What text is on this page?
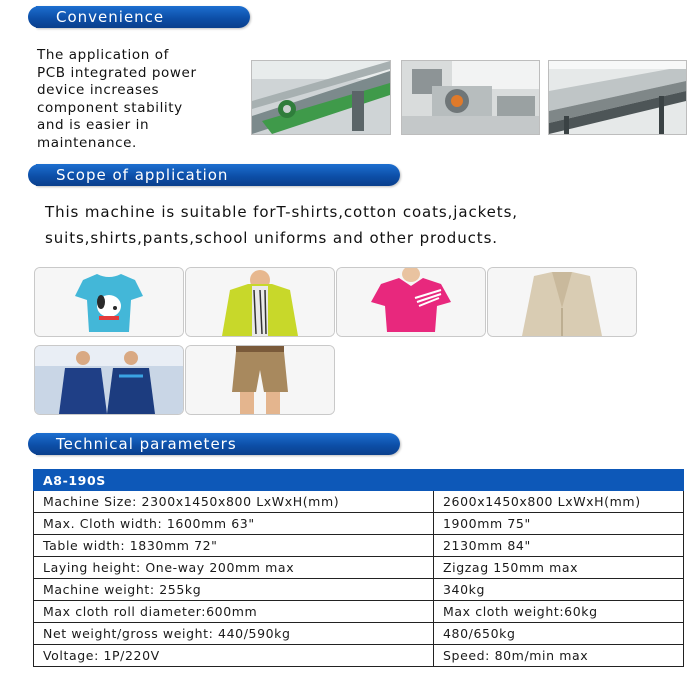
Convenience
The application of
PCB integrated power
device increases
component stability
and is easier in
maintenance.
Scope of application
This machine is suitable forT-shirts,cotton coats,jackets,
suits,shirts,pants,school uniforms and other products.
Technical parameters
A8-190S	
Machine Size: 2300x1450x800 LxWxH(mm)	2600x1450x800 LxWxH(mm)
Max. Cloth width: 1600mm 63"	1900mm 75"
Table width: 1830mm 72"	2130mm 84"
Laying height: One-way 200mm max	Zigzag 150mm max
Machine weight: 255kg	340kg
Max cloth roll diameter:600mm	Max cloth weight:60kg
Net weight/gross weight: 440/590kg	480/650kg
Voltage: 1P/220V	Speed: 80m/min max
